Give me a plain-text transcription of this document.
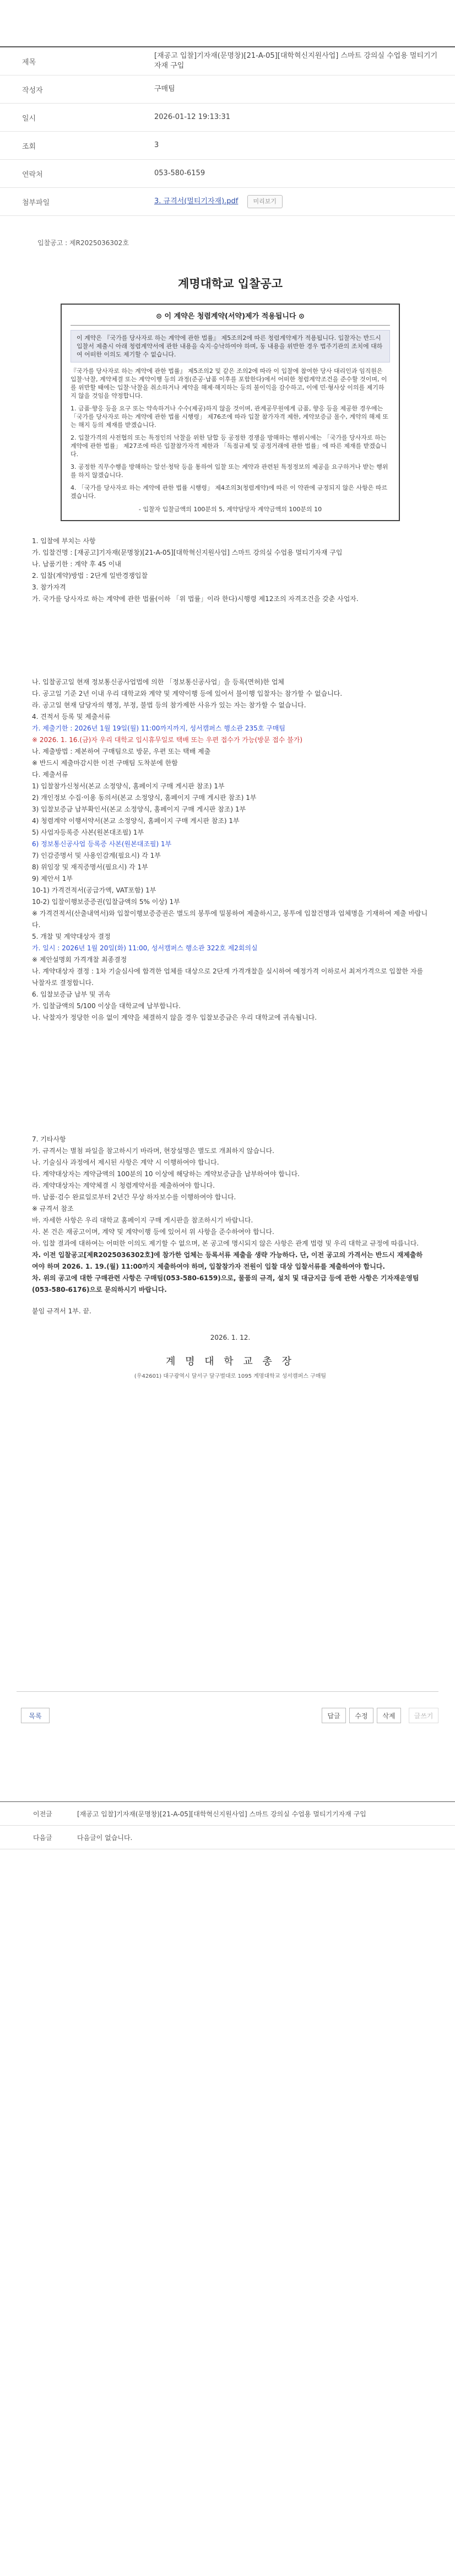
제목
[재공고 입찰]기자재(문명창)[21-A-05][대학혁신지원사업] 스마트 강의실 수업용 멀티기기자재 구입
작성자	구매팀
일시	2026-01-12 19:13:31
조회	3
연락처	053-580-6159
첨부파일	3. 규격서(멀티기자재).pdf 미리보기
입찰공고 : 제R2025036302호
계명대학교 입찰공고
⊙ 이 계약은 청렴계약(서약)제가 적용됩니다 ⊙
이 계약은 『국가를 당사자로 하는 계약에 관한 법률』 제5조의2에 따른 청렴계약제가 적용됩니다. 입찰자는 반드시 입찰서 제출시 아래 청렴계약서에 관한 내용을 숙지·승낙하여야 하며, 동 내용을 위반한 경우 법주기관의 조치에 대하여 어떠한 이의도 제기할 수 없습니다.

『국가를 당사자로 하는 계약에 관한 법률』 제5조의2 및 같은 조의2에 따라 이 입찰에 참여한 당사 대리인과 임직원은 입찰·낙찰, 계약체결 또는 계약이행 등의 과정(준공·납품 이후를 포함한다)에서 어떠한 청렴계약조건을 준수할 것이며, 이를 위반할 때에는 입찰·낙찰을 취소하거나 계약을 해제·해지하는 등의 불이익을 감수하고, 이에 민·형사상 이의를 제기하지 않을 것임을 약정합니다.

1. 금품·향응 등을 요구 또는 약속하거나 수수(제공)하지 않을 것이며, 관계공무원에게 금품, 향응 등을 제공한 경우에는 「국가를 당사자로 하는 계약에 관한 법률 시행령」 제76조에 따라 입찰 참가자격 제한, 계약보증금 몰수, 계약의 해제 또는 해지 등의 제재를 받겠습니다.

2. 입찰가격의 사전협의 또는 특정인의 낙찰을 위한 담합 등 공정한 경쟁을 방해하는 행위시에는 「국가를 당사자로 하는 계약에 관한 법률」 제27조에 따른 입찰참가자격 제한과 「독점규제 및 공정거래에 관한 법률」에 따른 제재를 받겠습니다.

3. 공정한 직무수행을 방해하는 알선·청탁 등을 통하여 입찰 또는 계약과 관련된 특정정보의 제공을 요구하거나 받는 행위를 하지 않겠습니다.

4. 「국가를 당사자로 하는 계약에 관한 법률 시행령」 제4조의3(청렴계약)에 따른 이 약관에 규정되지 않은 사항은 따르겠습니다.

- 입찰자 입찰금액의 100분의 5, 계약담당자 계약금액의 100분의 10

1. 입찰에 부치는 사항

가. 입찰건명 : [재공고]기자재(문명창)[21-A-05][대학혁신지원사업] 스마트 강의실 수업용 멀티기자재 구입

나. 납품기한 : 계약 후 45 이내

2. 입찰(계약)방법 : 2단계 일반경쟁입찰

3. 참가자격

가. 국가를 당사자로 하는 계약에 관한 법률(이하 「위 법률」이라 한다)시행령 제12조의 자격조건을 갖춘 사업자.

나. 입찰공고일 현재 정보통신공사업법에 의한 「정보통신공사업」을 등록(면허)한 업체

다. 공고일 기준 2년 이내 우리 대학교와 계약 및 계약이행 등에 있어서 불이행 입찰자는 참가할 수 없습니다.

라. 공고일 현재 담당자의 행정, 부정, 불법 등의 참가제한 사유가 있는 자는 참가할 수 없습니다.

4. 견적서 등록 및 제출서류

가. 제출기한 : 2026년 1월 19일(월) 11:00까지까지, 성서캠퍼스 행소관 235호 구매팀

※ 2026. 1. 16.(금)자 우리 대학교 입시휴무일로 택배 또는 우편 접수가 가능(방문 접수 불가)

나. 제출방법 : 제본하여 구매팀으로 방문, 우편 또는 택배 제출

※ 반드시 제출마감시한 이전 구매팀 도착분에 한함

다. 제출서류

1) 입찰참가신청서(본교 소정양식, 홈페이지 구매 게시판 참조) 1부

2) 개인정보 수집·이용 동의서(본교 소정양식, 홈페이지 구매 게시판 참조) 1부

3) 입찰보증금 납부확인서(본교 소정양식, 홈페이지 구매 게시판 참조) 1부

4) 청렴계약 이행서약서(본교 소정양식, 홈페이지 구매 게시판 참조) 1부

5) 사업자등록증 사본(원본대조필) 1부

6) 정보통신공사업 등록증 사본(원본대조필) 1부

7) 인감증명서 및 사용인감계(필요시) 각 1부

8) 위임장 및 재직증명서(필요시) 각 1부

9) 제안서 1부

10-1) 가격견적서(공급가액, VAT포함) 1부

10-2) 입찰이행보증증권(입찰금액의 5% 이상) 1부

※ 가격견적서(산출내역서)와 입찰이행보증증권은 별도의 봉투에 밀봉하여 제출하시고, 봉투에 입찰건명과 업체명을 기재하여 제출 바랍니다.

5. 개찰 및 계약대상자 결정

가. 일시 : 2026년 1월 20일(화) 11:00, 성서캠퍼스 행소관 322호 제2회의실

※ 제안설명회 가격개찰 최종결정

나. 계약대상자 결정 : 1차 기술심사에 합격한 업체를 대상으로 2단계 가격개찰을 실시하여 예정가격 이하로서 최저가격으로 입찰한 자를 낙찰자로 결정합니다.

6. 입찰보증금 납부 및 귀속

가. 입찰금액의 5/100 이상을 대학교에 납부합니다.

나. 낙찰자가 정당한 이유 없이 계약을 체결하지 않을 경우 입찰보증금은 우리 대학교에 귀속됩니다.

7. 기타사항

가. 규격서는 별첨 파일을 참고하시기 바라며, 현장설명은 별도로 개최하지 않습니다.

나. 기술심사 과정에서 제시된 사항은 계약 시 이행하여야 합니다.

다. 계약대상자는 계약금액의 100분의 10 이상에 해당하는 계약보증금을 납부하여야 합니다.

라. 계약대상자는 계약체결 시 청렴계약서를 제출하여야 합니다.

마. 납품·검수 완료일로부터 2년간 무상 하자보수를 이행하여야 합니다.

※ 규격서 참조

바. 자세한 사항은 우리 대학교 홈페이지 구매 게시판을 참조하시기 바랍니다.

사. 본 건은 재공고이며, 계약 및 계약이행 등에 있어서 위 사항을 준수하여야 합니다.

아. 입찰 결과에 대하여는 어떠한 이의도 제기할 수 없으며, 본 공고에 명시되지 않은 사항은 관계 법령 및 우리 대학교 규정에 따릅니다.

자. 이전 입찰공고[제R2025036302호]에 참가한 업체는 등록서류 제출을 생략 가능하다. 단, 이전 공고의 가격서는 반드시 재제출하여야 하며 2026. 1. 19.(월) 11:00까지 제출하여야 하며, 입찰참가자 전원이 입찰 대상 입찰서류를 제출하여야 합니다.

차. 위의 공고에 대한 구매관련 사항은 구매팀(053-580-6159)으로, 물품의 규격, 설치 및 대금지급 등에 관한 사항은 기자재운영팀(053-580-6176)으로 문의하시기 바랍니다.

붙임 규격서 1부. 끝.

2026. 1. 12.
계 명 대 학 교 총 장
(우42601) 대구광역시 달서구 달구벌대로 1095 계명대학교 성서캠퍼스 구매팀
목록	답글	수정	삭제	글쓰기
이전글	[재공고 입찰]기자재(문명창)[21-A-05][대학혁신지원사업] 스마트 강의실 수업용 멀티기기자재 구입
다음글	다음글이 없습니다.
